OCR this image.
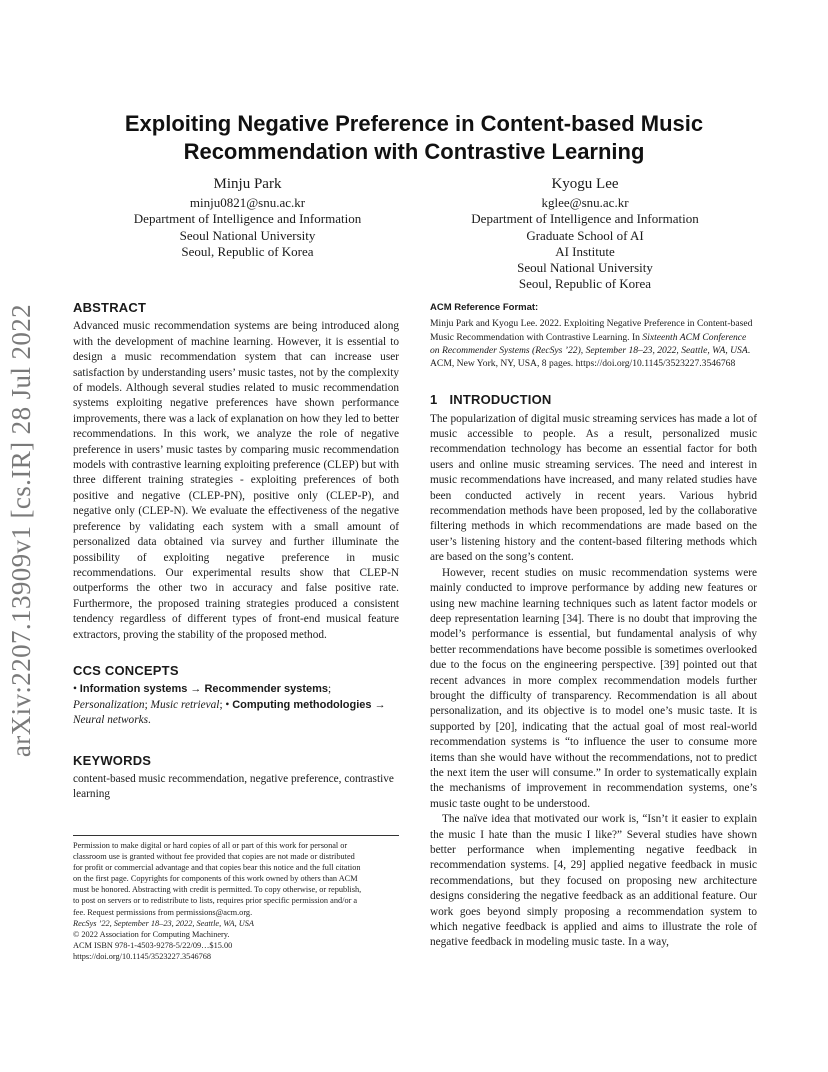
arXiv:2207.13909v1 [cs.IR] 28 Jul 2022
Exploiting Negative Preference in Content-based Music
Recommendation with Contrastive Learning
Minju Park
minju0821@snu.ac.kr
Department of Intelligence and Information
Seoul National University
Seoul, Republic of Korea
Kyogu Lee
kglee@snu.ac.kr
Department of Intelligence and Information
Graduate School of AI
AI Institute
Seoul National University
Seoul, Republic of Korea
ABSTRACT

Advanced music recommendation systems are being introduced along with the development of machine learning. However, it is essential to design a music recommendation system that can increase user satisfaction by understanding users’ music tastes, not by the complexity of models. Although several studies related to music recommendation systems exploiting negative preferences have shown performance improvements, there was a lack of explanation on how they led to better recommendations. In this work, we analyze the role of negative preference in users’ music tastes by comparing music recommendation models with contrastive learning exploiting preference (CLEP) but with three different training strategies - exploiting preferences of both positive and negative (CLEP-PN), positive only (CLEP-P), and negative only (CLEP-N). We evaluate the effectiveness of the negative preference by validating each system with a small amount of personalized data obtained via survey and further illuminate the possibility of exploiting negative preference in music recommendations. Our experimental results show that CLEP-N outperforms the other two in accuracy and false positive rate. Furthermore, the proposed training strategies produced a consistent tendency regardless of different types of front-end musical feature extractors, proving the stability of the proposed method.

CCS CONCEPTS
• Information systems → Recommender systems; Personalization; Music retrieval; • Computing methodologies → Neural networks.
KEYWORDS

content-based music recommendation, negative preference, contrastive learning

Permission to make digital or hard copies of all or part of this work for personal or
classroom use is granted without fee provided that copies are not made or distributed
for profit or commercial advantage and that copies bear this notice and the full citation
on the first page. Copyrights for components of this work owned by others than ACM
must be honored. Abstracting with credit is permitted. To copy otherwise, or republish,
to post on servers or to redistribute to lists, requires prior specific permission and/or a
fee. Request permissions from permissions@acm.org.
RecSys ’22, September 18–23, 2022, Seattle, WA, USA
© 2022 Association for Computing Machinery.
ACM ISBN 978-1-4503-9278-5/22/09…$15.00
https://doi.org/10.1145/3523227.3546768
ACM Reference Format:
Minju Park and Kyogu Lee. 2022. Exploiting Negative Preference in Content-based Music Recommendation with Contrastive Learning. In Sixteenth ACM Conference on Recommender Systems (RecSys ’22), September 18–23, 2022, Seattle, WA, USA. ACM, New York, NY, USA, 8 pages. https://doi.org/10.1145/3523227.3546768
1 INTRODUCTION

The popularization of digital music streaming services has made a lot of music accessible to people. As a result, personalized music recommendation technology has become an essential factor for both users and online music streaming services. The need and interest in music recommendations have increased, and many related studies have been conducted actively in recent years. Various hybrid recommendation methods have been proposed, led by the collaborative filtering methods in which recommendations are made based on the user’s listening history and the content-based filtering methods which are based on the song’s content.

However, recent studies on music recommendation systems were mainly conducted to improve performance by adding new features or using new machine learning techniques such as latent factor models or deep representation learning [34]. There is no doubt that improving the model’s performance is essential, but fundamental analysis of why better recommendations have become possible is sometimes overlooked due to the focus on the engineering perspective. [39] pointed out that recent advances in more complex recommendation models further brought the difficulty of transparency. Recommendation is all about personalization, and its objective is to model one’s music taste. It is supported by [20], indicating that the actual goal of most real-world recommendation systems is “to influence the user to consume more items than she would have without the recommendations, not to predict the next item the user will consume.” In order to systematically explain the mechanisms of improvement in recommendation systems, one’s music taste ought to be understood.

The naïve idea that motivated our work is, “Isn’t it easier to explain the music I hate than the music I like?” Several studies have shown better performance when implementing negative feedback in recommendation systems. [4, 29] applied negative feedback in music recommendations, but they focused on proposing new architecture designs considering the negative feedback as an additional feature. Our work goes beyond simply proposing a recommendation system to which negative feedback is applied and aims to illustrate the role of negative feedback in modeling music taste. In a way,
